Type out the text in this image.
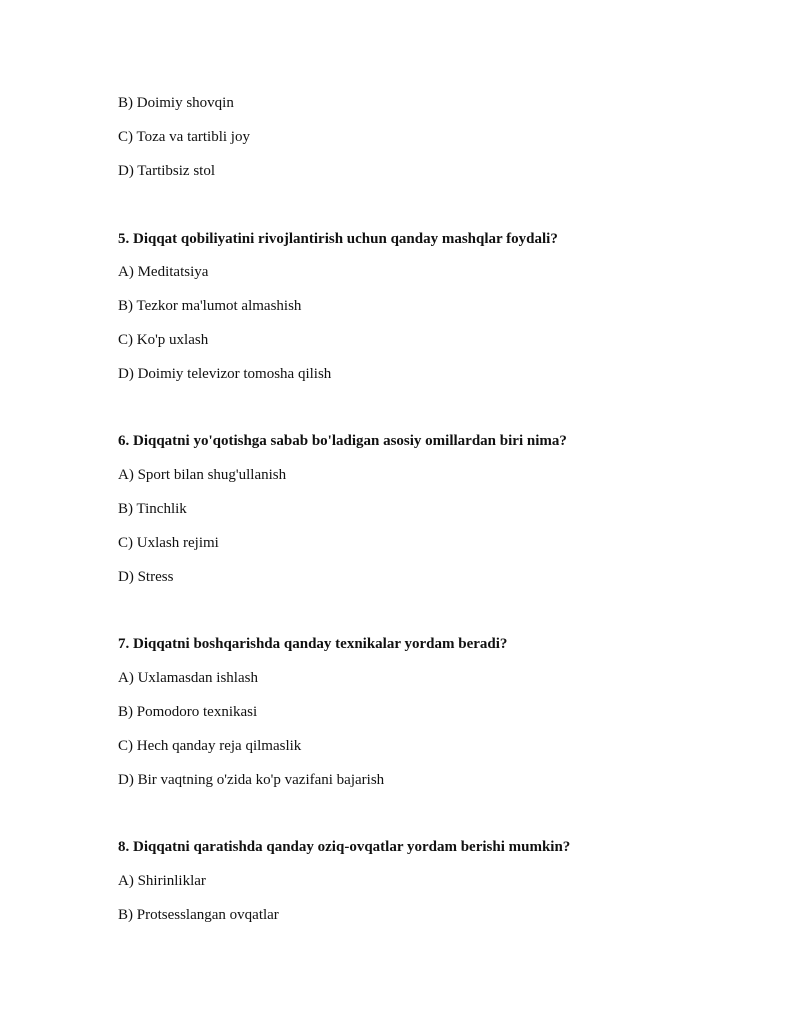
B) Doimiy shovqin
C) Toza va tartibli joy
D) Tartibsiz stol
5. Diqqat qobiliyatini rivojlantirish uchun qanday mashqlar foydali?
A) Meditatsiya
B) Tezkor ma'lumot almashish
C) Ko'p uxlash
D) Doimiy televizor tomosha qilish
6. Diqqatni yo'qotishga sabab bo'ladigan asosiy omillardan biri nima?
A) Sport bilan shug'ullanish
B) Tinchlik
C) Uxlash rejimi
D) Stress
7. Diqqatni boshqarishda qanday texnikalar yordam beradi?
A) Uxlamasdan ishlash
B) Pomodoro texnikasi
C) Hech qanday reja qilmaslik
D) Bir vaqtning o'zida ko'p vazifani bajarish
8. Diqqatni qaratishda qanday oziq-ovqatlar yordam berishi mumkin?
A) Shirinliklar
B) Protsesslangan ovqatlar
